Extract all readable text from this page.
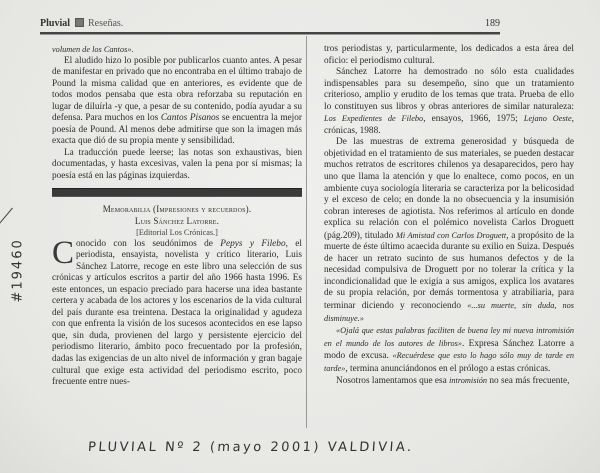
Pluvial Reseñas.	189

volumen de los Cantos».

El aludido hizo lo posible por publicarlos cuanto antes. A pesar de manifestar en privado que no encontraba en el último trabajo de Pound la misma calidad que en anteriores, es evidente que de todos modos pensaba que esta obra reforzaba su reputación en lugar de diluírla -y que, a pesar de su contenido, podía ayudar a su defensa. Para muchos en los Cantos Pisanos se encuentra la mejor poesía de Pound. Al menos debe admitirse que son la imagen más exacta que dió de su propia mente y sensibilidad.

La traducción puede leerse; las notas son exhaustivas, bien documentadas, y hasta excesivas, valen la pena por sí mismas; la poesía está en las páginas izquierdas.

Memorabilia (Impresiones y recuerdos).
Luis Sánchez Latorre.
[Editorial Los Crónicas.]

Conocido con los seudónimos de Pepys y Filebo, el periodista, ensayista, novelista y crítico literario, Luis Sánchez Latorre, recoge en este libro una selección de sus crónicas y artículos escritos a partir del año 1966 hasta 1996. Es este entonces, un espacio preciado para hacerse una idea bastante certera y acabada de los actores y los escenarios de la vida cultural del país durante esa treintena. Destaca la originalidad y agudeza con que enfrenta la visión de los sucesos acontecidos en ese lapso que, sin duda, provienen del largo y persistente ejercicio del periodismo literario, ámbito poco frecuentado por la profesión, dadas las exigencias de un alto nivel de información y gran bagaje cultural que exige esta actividad del periodismo escrito, poco frecuente entre nues-

tros periodistas y, particularmente, los dedicados a esta área del oficio: el periodismo cultural.

Sánchez Latorre ha demostrado no sólo esta cualidades indispensables para su desempeño, sino que un tratamiento criterioso, amplio y erudito de los temas que trata. Prueba de ello lo constituyen sus libros y obras anteriores de similar naturaleza: Los Expedientes de Filebo, ensayos, 1966, 1975; Lejano Oeste, crónicas, 1988.

De las muestras de extrema generosidad y búsqueda de objetividad en el tratamiento de sus materiales, se pueden destacar muchos retratos de escritores chilenos ya desaparecidos, pero hay uno que llama la atención y que lo enaltece, como pocos, en un ambiente cuya sociología literaria se caracteriza por la belicosidad y el exceso de celo; en donde la no obsecuencia y la insumisión cobran intereses de agiotista. Nos referimos al artículo en donde explica su relación con el polémico novelista Carlos Droguett (pág.209), titulado Mi Amistad con Carlos Droguett, a propósito de la muerte de éste último acaecida durante su exilio en Suiza. Después de hacer un retrato sucinto de sus humanos defectos y de la necesidad compulsiva de Droguett por no tolerar la crítica y la incondicionalidad que le exigía a sus amigos, explica los avatares de su propia relación, por demás tormentosa y atrabiliaria, para terminar diciendo y reconociendo «...su muerte, sin duda, nos disminuye.»

«Ojalá que estas palabras faciliten de buena ley mi nueva intromisión en el mundo de los autores de libros». Expresa Sánchez Latorre a modo de excusa. «Recuérdese que esto lo hago sólo muy de tarde en tarde», termina anunciándonos en el prólogo a estas crónicas.

Nosotros lamentamos que esa intromisión no sea más frecuente,

#19460
PLUVIAL Nº 2 (mayo 2001) VALDIVIA.
